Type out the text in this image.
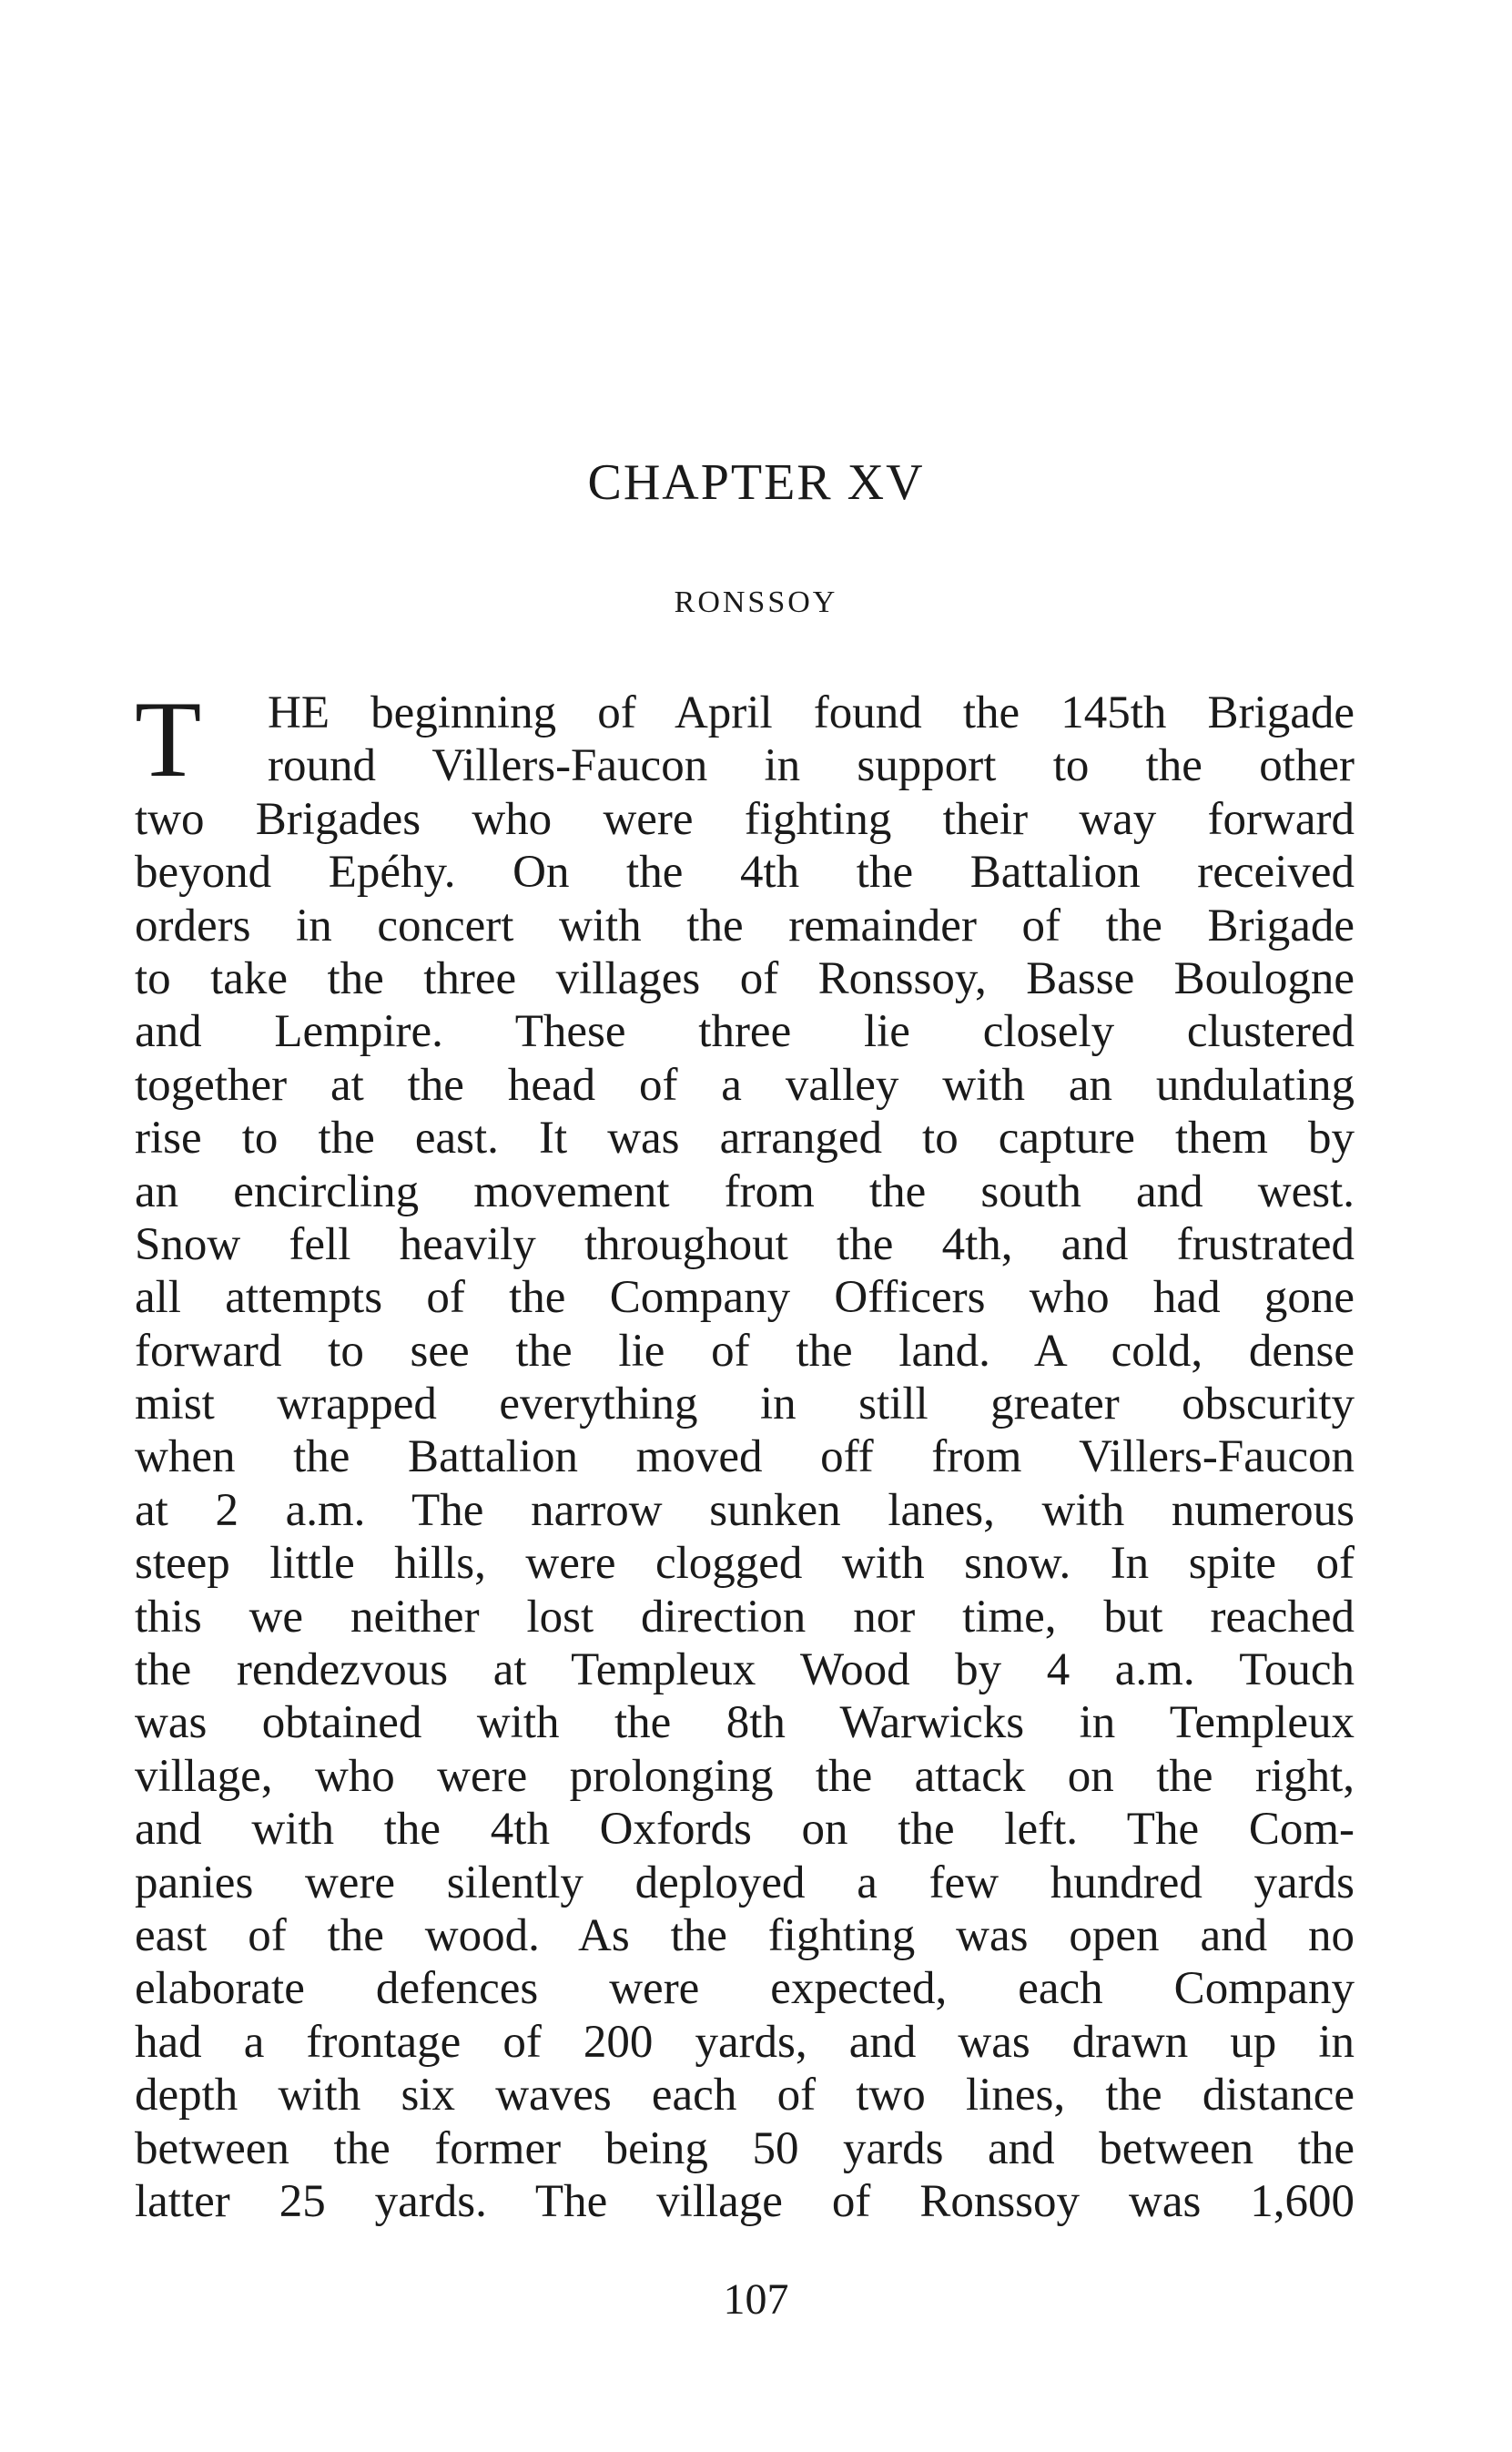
CHAPTER XV
RONSSOY
T	HE beginning of April found the 145th Brigade
round Villers-Faucon in support to the other
two Brigades who were fighting their way forward
beyond Epéhy. On the 4th the Battalion received
orders in concert with the remainder of the Brigade
to take the three villages of Ronssoy, Basse Boulogne
and Lempire. These three lie closely clustered
together at the head of a valley with an undulating
rise to the east. It was arranged to capture them by
an encircling movement from the south and west.
Snow fell heavily throughout the 4th, and frustrated
all attempts of the Company Officers who had gone
forward to see the lie of the land. A cold, dense
mist wrapped everything in still greater obscurity
when the Battalion moved off from Villers-Faucon
at 2 a.m. The narrow sunken lanes, with numerous
steep little hills, were clogged with snow. In spite of
this we neither lost direction nor time, but reached
the rendezvous at Templeux Wood by 4 a.m. Touch
was obtained with the 8th Warwicks in Templeux
village, who were prolonging the attack on the right,
and with the 4th Oxfords on the left. The Com-
panies were silently deployed a few hundred yards
east of the wood. As the fighting was open and no
elaborate defences were expected, each Company
had a frontage of 200 yards, and was drawn up in
depth with six waves each of two lines, the distance
between the former being 50 yards and between the
latter 25 yards. The village of Ronssoy was 1,600
107
